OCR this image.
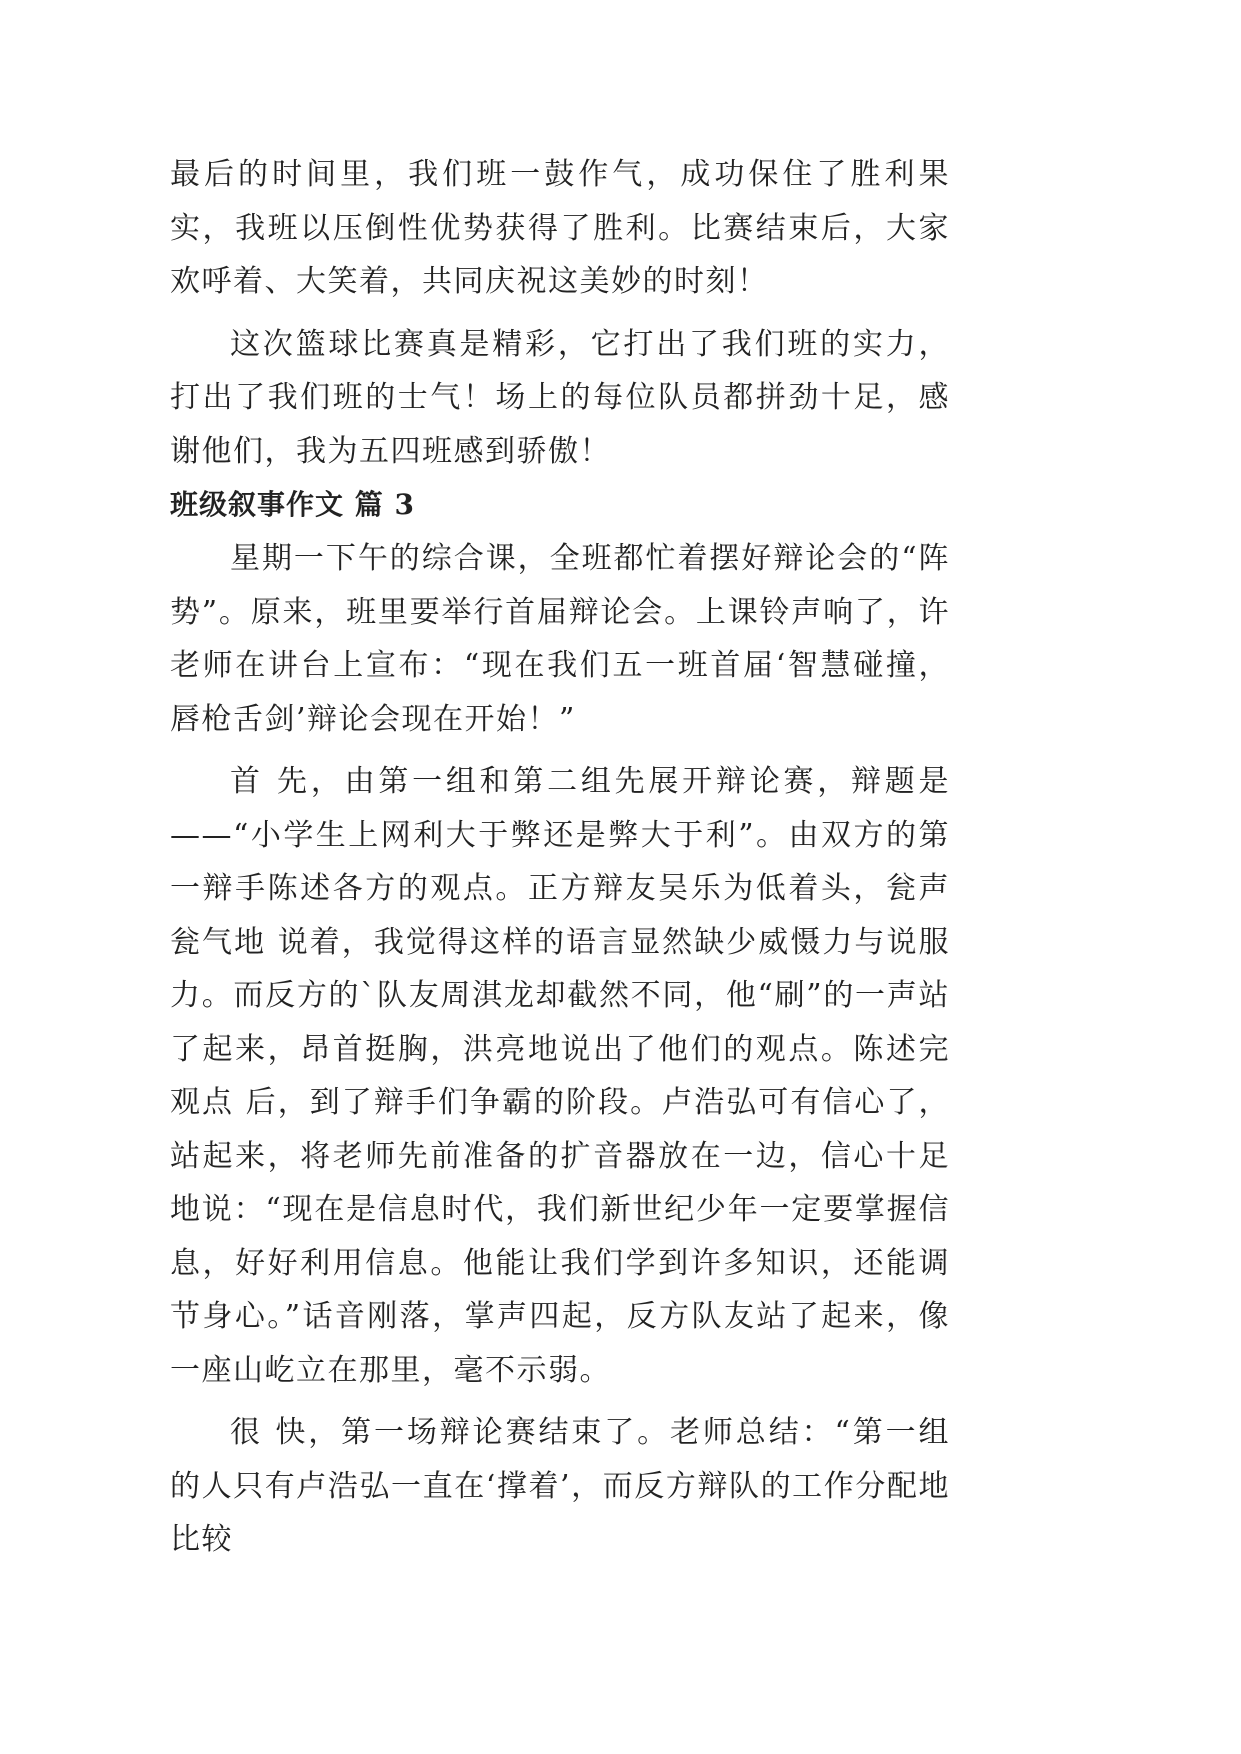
最后的时间里，我们班一鼓作气，成功保住了胜利果实，我班以压倒性优势获得了胜利。比赛结束后，大家欢呼着、大笑着，共同庆祝这美妙的时刻！

这次篮球比赛真是精彩，它打出了我们班的实力，打出了我们班的士气！场上的每位队员都拼劲十足，感谢他们，我为五四班感到骄傲！

班级叙事作文 篇 3

星期一下午的综合课，全班都忙着摆好辩论会的“阵势”。原来，班里要举行首届辩论会。上课铃声响了，许老师在讲台上宣布：“现在我们五一班首届‘智慧碰撞，唇枪舌剑’辩论会现在开始！”

首 先，由第一组和第二组先展开辩论赛，辩题是——“小学生上网利大于弊还是弊大于利”。由双方的第一辩手陈述各方的观点。正方辩友吴乐为低着头，瓮声瓮气地 说着，我觉得这样的语言显然缺少威慑力与说服力。而反方的`队友周淇龙却截然不同，他“刷”的一声站了起来，昂首挺胸，洪亮地说出了他们的观点。陈述完观点 后，到了辩手们争霸的阶段。卢浩弘可有信心了，站起来，将老师先前准备的扩音器放在一边，信心十足地说：“现在是信息时代，我们新世纪少年一定要掌握信 息，好好利用信息。他能让我们学到许多知识，还能调节身心。”话音刚落，掌声四起，反方队友站了起来，像一座山屹立在那里，毫不示弱。

很 快，第一场辩论赛结束了。老师总结：“第一组的人只有卢浩弘一直在‘撑着’，而反方辩队的工作分配地比较
